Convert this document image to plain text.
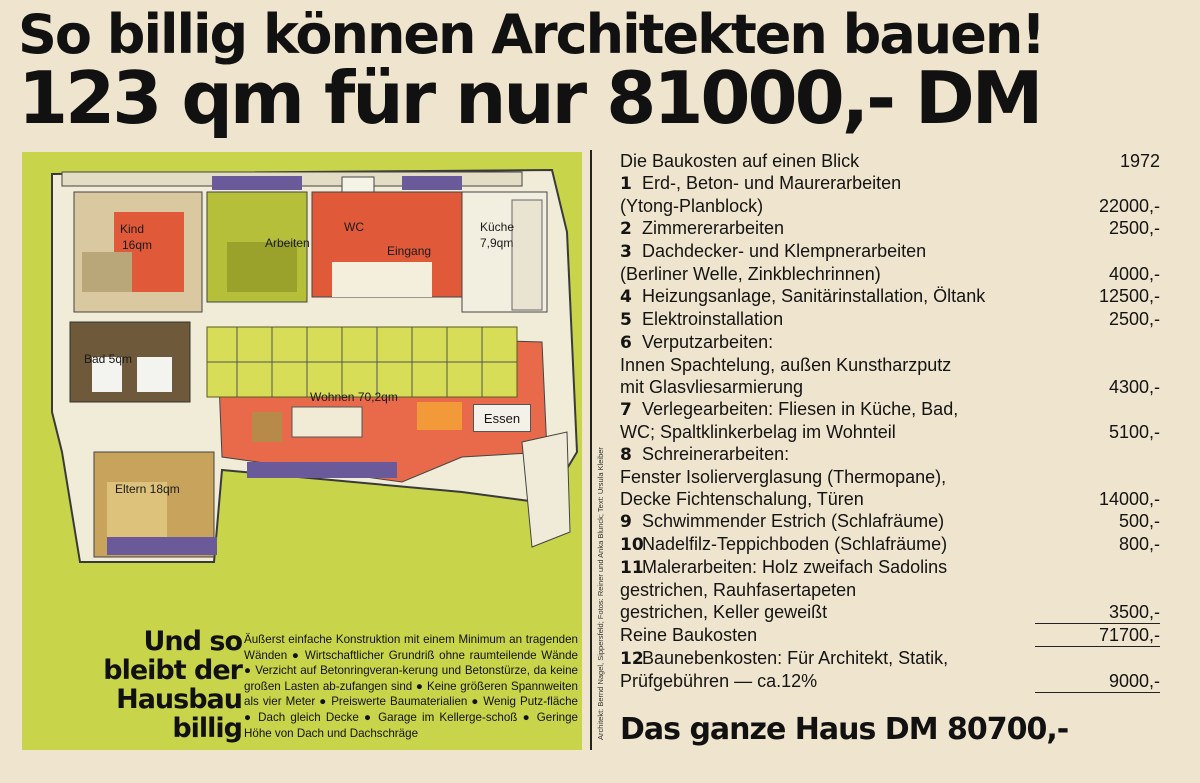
So billig können Architekten bauen!
123 qm für nur 81000,- DM
Kind
16qm	Arbeiten
WC
Eingang
Küche
7,9qm
Bad 5qm
Wohnen 70,2qm
Essen
Eltern 18qm
Und so
bleibt der
Hausbau
billig
Äußerst einfache Konstruktion mit einem Minimum an tragenden Wänden ● Wirtschaftlicher Grundriß ohne raumteilende Wände ● Verzicht auf Betonringveran-kerung und Betonstürze, da keine großen Lasten ab-zufangen sind ● Keine größeren Spannweiten als vier Meter ● Preiswerte Baumaterialien ● Wenig Putz-fläche ● Dach gleich Decke ● Garage im Kellerge-schoß ● Geringe Höhe von Dach und Dachschräge	Architekt: Bernd Nagel, Sippersfeld; Fotos: Reiner und Anka Blunck; Text: Ursula Kleiber
Die Baukosten auf einen Blick	1972
1 Erd-, Beton- und Maurerarbeiten
(Ytong-Planblock)	22000,-
2 Zimmererarbeiten	2500,-
3 Dachdecker- und Klempnerarbeiten
(Berliner Welle, Zinkblechrinnen)	4000,-
4 Heizungsanlage, Sanitärinstallation, Öltank	12500,-
5 Elektroinstallation	2500,-
6 Verputzarbeiten:
Innen Spachtelung, außen Kunstharzputz
mit Glasvliesarmierung	4300,-
7 Verlegearbeiten: Fliesen in Küche, Bad,
WC; Spaltklinkerbelag im Wohnteil	5100,-
8 Schreinerarbeiten:
Fenster Isolierverglasung (Thermopane),
Decke Fichtenschalung, Türen	14000,-
9 Schwimmender Estrich (Schlafräume)	500,-
10Nadelfilz-Teppichboden (Schlafräume)	800,-
11Malerarbeiten: Holz zweifach Sadolins
gestrichen, Rauhfasertapeten
gestrichen, Keller geweißt	3500,-
Reine Baukosten	71700,-
12Baunebenkosten: Für Architekt, Statik,
Prüfgebühren — ca.12%	9000,-
Das ganze Haus DM 80700,-
